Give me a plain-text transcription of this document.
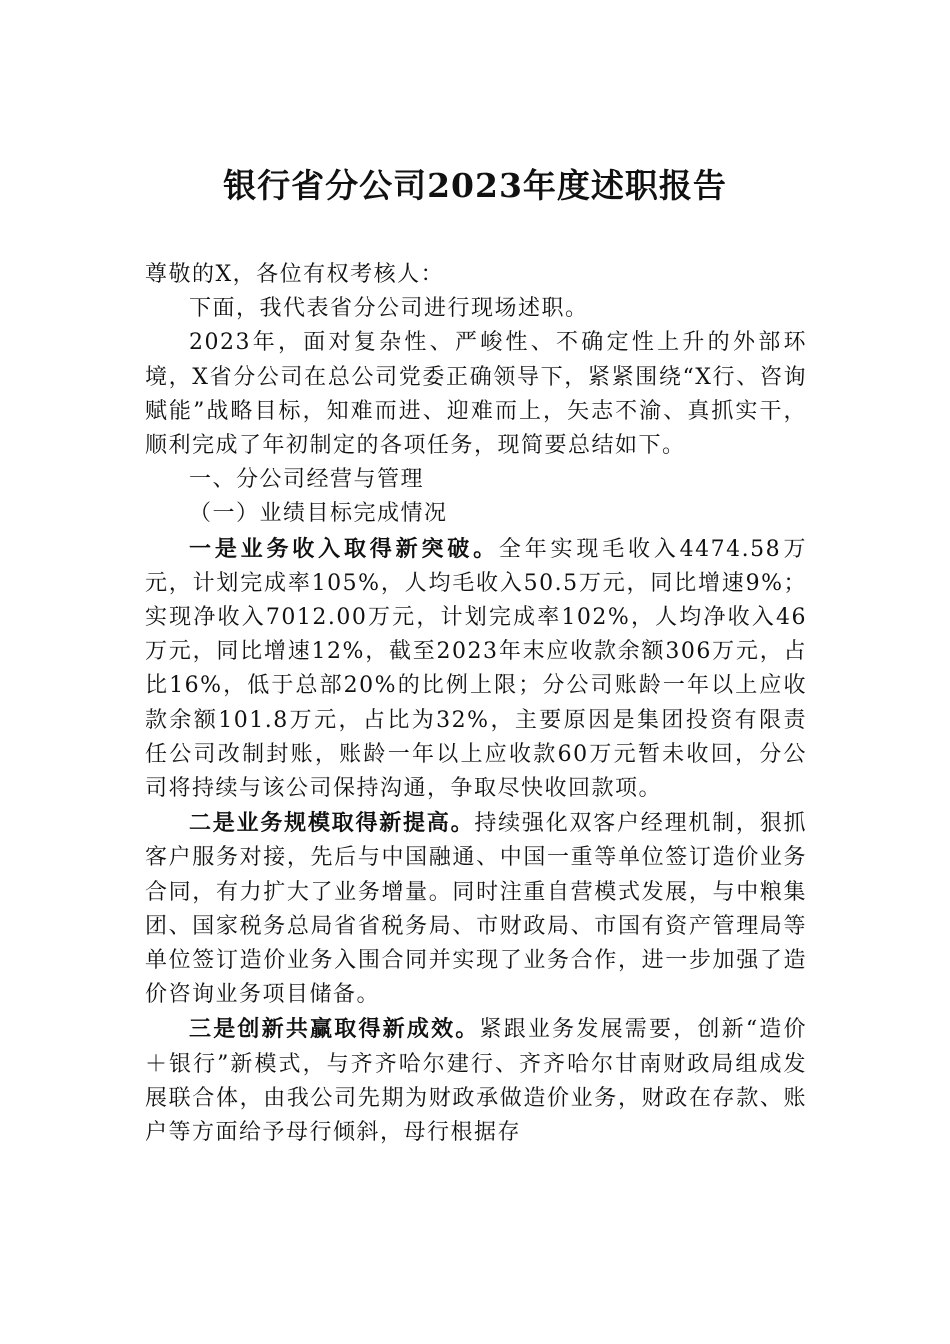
银行省分公司2023年度述职报告

尊敬的X，各位有权考核人：

下面，我代表省分公司进行现场述职。

2023年，面对复杂性、严峻性、不确定性上升的外部环境，X省分公司在总公司党委正确领导下，紧紧围绕“X行、咨询赋能”战略目标，知难而进、迎难而上，矢志不渝、真抓实干，顺利完成了年初制定的各项任务，现简要总结如下。

一、分公司经营与管理

（一）业绩目标完成情况

一是业务收入取得新突破。全年实现毛收入4474.58万元，计划完成率105%，人均毛收入50.5万元，同比增速9%；实现净收入7012.00万元，计划完成率102%，人均净收入46万元，同比增速12%，截至2023年末应收款余额306万元，占比16%，低于总部20%的比例上限；分公司账龄一年以上应收款余额101.8万元，占比为32%，主要原因是集团投资有限责任公司改制封账，账龄一年以上应收款60万元暂未收回，分公司将持续与该公司保持沟通，争取尽快收回款项。

二是业务规模取得新提高。持续强化双客户经理机制，狠抓客户服务对接，先后与中国融通、中国一重等单位签订造价业务合同，有力扩大了业务增量。同时注重自营模式发展，与中粮集团、国家税务总局省省税务局、市财政局、市国有资产管理局等单位签订造价业务入围合同并实现了业务合作，进一步加强了造价咨询业务项目储备。

三是创新共赢取得新成效。紧跟业务发展需要，创新“造价＋银行”新模式，与齐齐哈尔建行、齐齐哈尔甘南财政局组成发展联合体，由我公司先期为财政承做造价业务，财政在存款、账户等方面给予母行倾斜，母行根据存
